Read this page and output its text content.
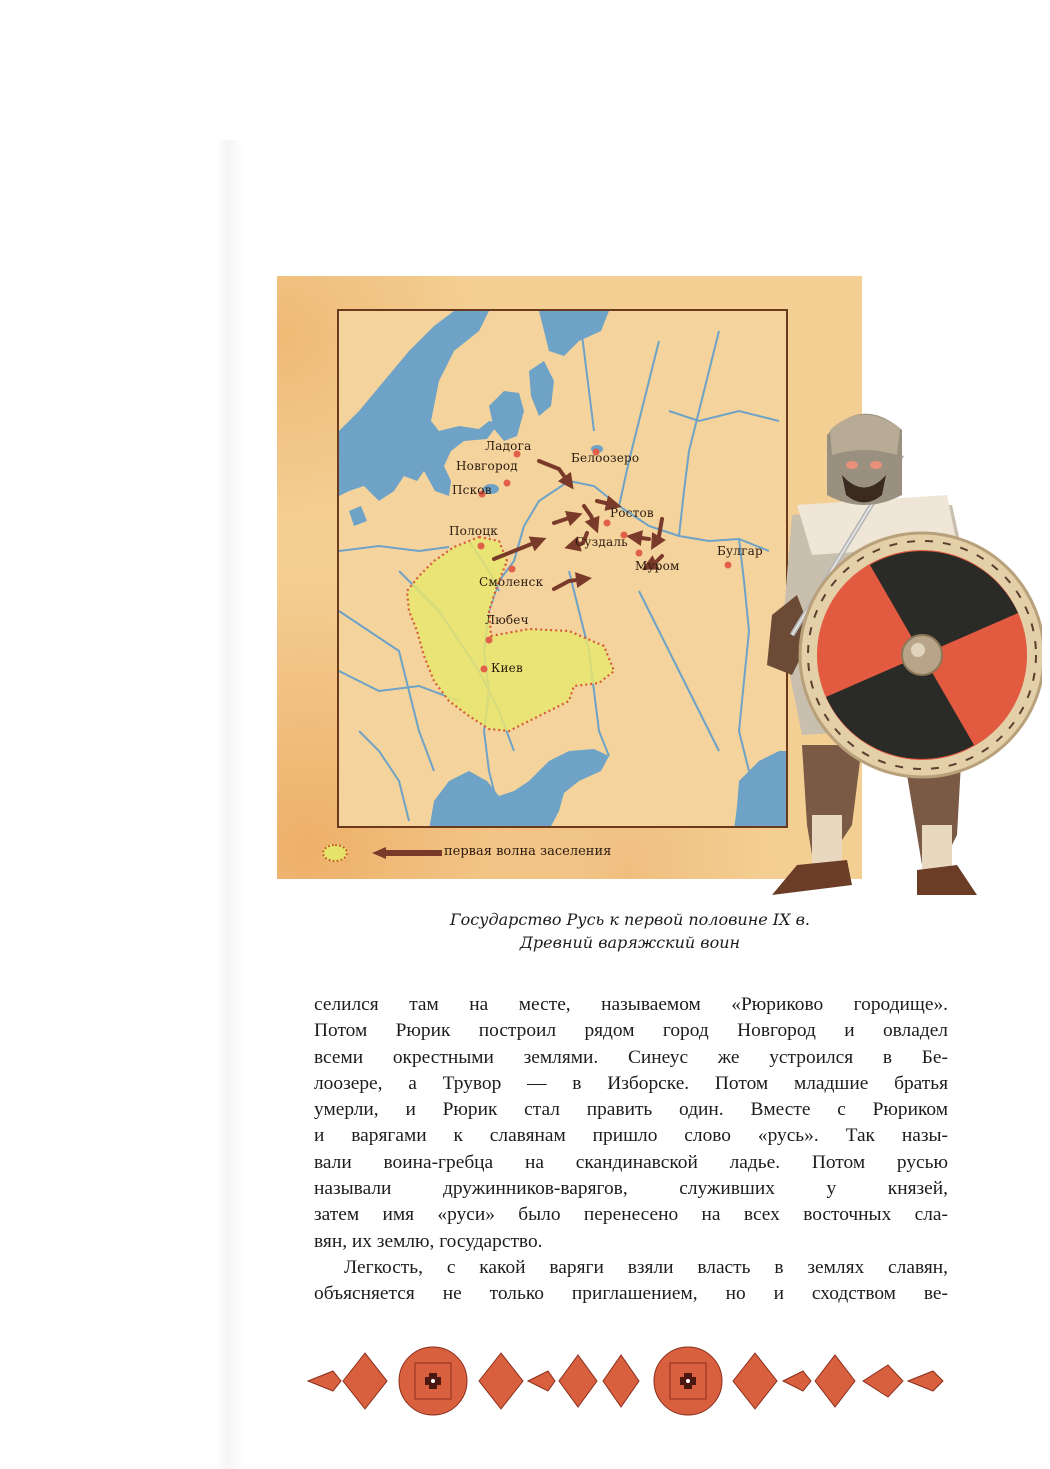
Ладога
Белоозеро
Новгород
Псков
Ростов
Полоцк
Суздаль
Булгар
Муром
Смоленск
Любеч
Киев
первая волна заселения
Государство Русь к первой половине IX в.
Древний варяжский воин
селился там на месте, называемом «Рюриково городище».
Потом Рюрик построил рядом город Новгород и овладел
всеми окрестными землями. Синеус же устроился в Бе-
лоозере, а Трувор — в Изборске. Потом младшие братья
умерли, и Рюрик стал править один. Вместе с Рюриком
и варягами к славянам пришло слово «русь». Так назы-
вали воина-гребца на скандинавской ладье. Потом русью
называли дружинников-варягов, служивших у князей,
затем имя «руси» было перенесено на всех восточных сла-
вян, их землю, государство.
Легкость, с какой варяги взяли власть в землях славян,
объясняется не только приглашением, но и сходством ве-
